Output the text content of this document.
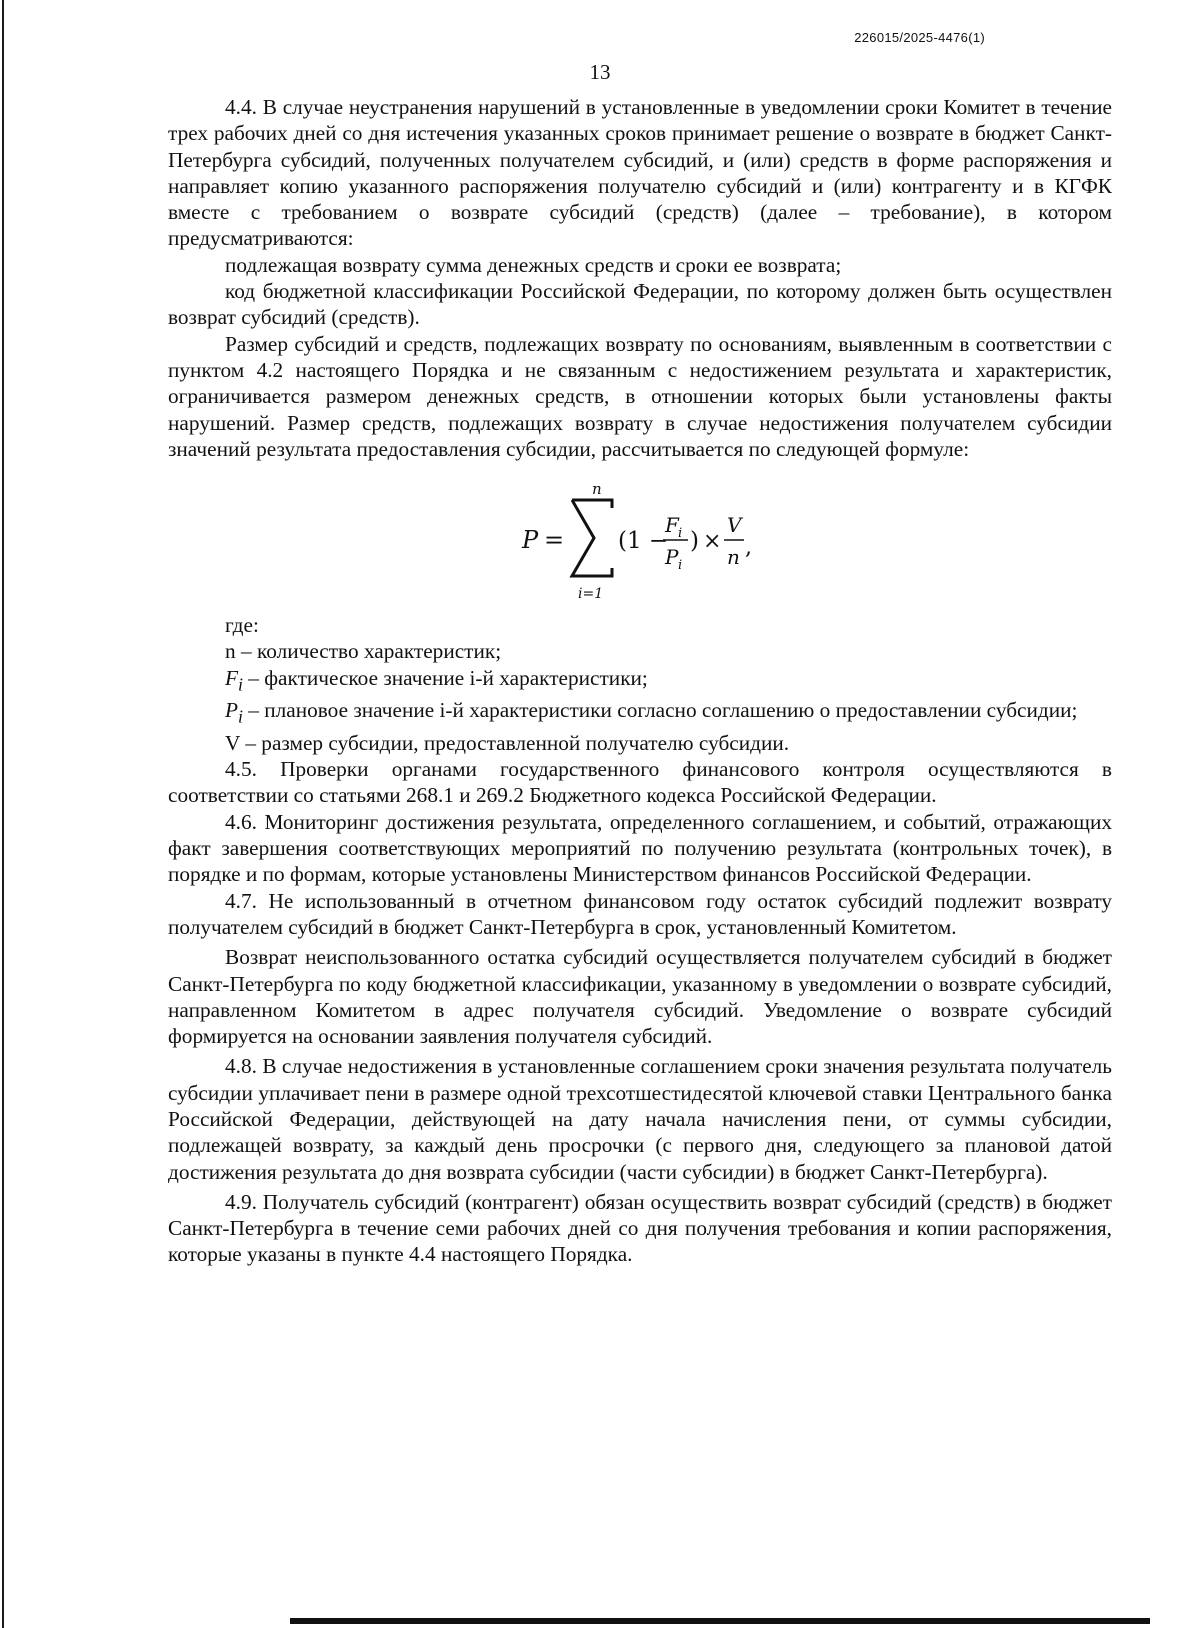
226015/2025-4476(1)
13

4.4. В случае неустранения нарушений в установленные в уведомлении сроки Комитет в течение трех рабочих дней со дня истечения указанных сроков принимает решение о возврате в бюджет Санкт-Петербурга субсидий, полученных получателем субсидий, и (или) средств в форме распоряжения и направляет копию указанного распоряжения получателю субсидий и (или) контрагенту и в КГФК вместе с требованием о возврате субсидий (средств) (далее – требование), в котором предусматриваются:

подлежащая возврату сумма денежных средств и сроки ее возврата;

код бюджетной классификации Российской Федерации, по которому должен быть осуществлен возврат субсидий (средств).

Размер субсидий и средств, подлежащих возврату по основаниям, выявленным в соответствии с пунктом 4.2 настоящего Порядка и не связанным с недостижением результата и характеристик, ограничивается размером денежных средств, в отношении которых были установлены факты нарушений. Размер средств, подлежащих возврату в случае недостижения получателем субсидии значений результата предоставления субсидии, рассчитывается по следующей формуле:

P =
n
i=1
(1 −
F i
P i
) ×
V
n ,

где:

n – количество характеристик;

$F_i$ – фактическое значение i-й характеристики;

$P_i$ – плановое значение i-й характеристики согласно соглашению о предоставлении субсидии;

V – размер субсидии, предоставленной получателю субсидии.

4.5. Проверки органами государственного финансового контроля осуществляются в соответствии со статьями 268.1 и 269.2 Бюджетного кодекса Российской Федерации.

4.6. Мониторинг достижения результата, определенного соглашением, и событий, отражающих факт завершения соответствующих мероприятий по получению результата (контрольных точек), в порядке и по формам, которые установлены Министерством финансов Российской Федерации.

4.7. Не использованный в отчетном финансовом году остаток субсидий подлежит возврату получателем субсидий в бюджет Санкт-Петербурга в срок, установленный Комитетом.

Возврат неиспользованного остатка субсидий осуществляется получателем субсидий в бюджет Санкт-Петербурга по коду бюджетной классификации, указанному в уведомлении о возврате субсидий, направленном Комитетом в адрес получателя субсидий. Уведомление о возврате субсидий формируется на основании заявления получателя субсидий.

4.8. В случае недостижения в установленные соглашением сроки значения результата получатель субсидии уплачивает пени в размере одной трехсотшестидесятой ключевой ставки Центрального банка Российской Федерации, действующей на дату начала начисления пени, от суммы субсидии, подлежащей возврату, за каждый день просрочки (с первого дня, следующего за плановой датой достижения результата до дня возврата субсидии (части субсидии) в бюджет Санкт-Петербурга).

4.9. Получатель субсидий (контрагент) обязан осуществить возврат субсидий (средств) в бюджет Санкт-Петербурга в течение семи рабочих дней со дня получения требования и копии распоряжения, которые указаны в пункте 4.4 настоящего Порядка.
